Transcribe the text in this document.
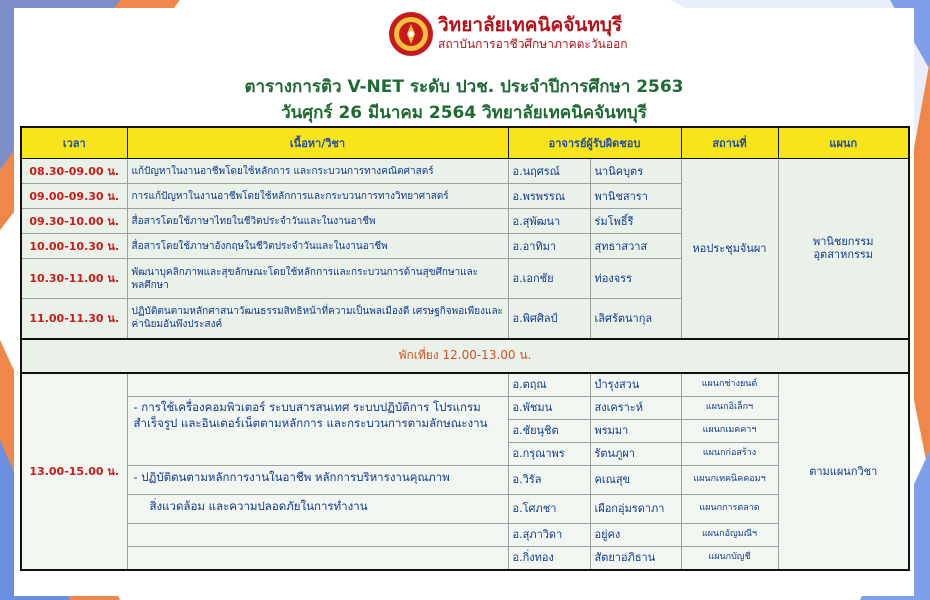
วิทยาลัยเทคนิคจันทบุรี
สถาบันการอาชีวศึกษาภาคตะวันออก
ตารางการติว V-NET ระดับ ปวช. ประจำปีการศึกษา 2563
วันศุกร์ 26 มีนาคม 2564 วิทยาลัยเทคนิคจันทบุรี
เวลา	เนื้อหา/วิชา	อาจารย์ผู้รับผิดชอบ		สถานที่	แผนก
08.30-09.00 น.	แก้ปัญหาในงานอาชีพโดยใช้หลักการ และกระบวนการทางคณิตศาสตร์	อ.นฤศรณ์	นานิคบุตร	หอประชุมจันผา	พานิชยกรรม
อุตสาหกรรม

09.00-09.30 น.	การแก้ปัญหาในงานอาชีพโดยใช้หลักการและกระบวนการทางวิทยาศาสตร์	อ.พรพรรณ	พานิชสารา		
09.30-10.00 น.	สื่อสารโดยใช้ภาษาไทยในชีวิตประจำวันและในงานอาชีพ	อ.สุพัฒนา	ร่มโพธิ์รี		
10.00-10.30 น.	สื่อสารโดยใช้ภาษาอังกฤษในชีวิตประจำวันและในงานอาชีพ	อ.อาทิมา	สุทธาสวาส		
10.30-11.00 น.	พัฒนาบุคลิกภาพและสุขลักษณะโดยใช้หลักการและกระบวนการด้านสุขศึกษาและพลศึกษา	อ.เอกชัย	ท่องจรร		
11.00-11.30 น.	ปฏิบัติตนตามหลักศาสนาวัฒนธรรมสิทธิหน้าที่ความเป็นพลเมืองดี เศรษฐกิจพอเพียงและค่านิยมอันพึงประสงค์	อ.พิศศิลป์	เลิศรัตนากุล		
พักเที่ยง 12.00-13.00 น.					
13.00-15.00 น.		อ.ตฤณ	บำรุงสวน	แผนกช่างยนต์	ตามแผนกวิชา
	- การใช้เครื่องคอมพิวเตอร์ ระบบสารสนเทศ ระบบปฏิบัติการ โปรแกรมสำเร็จรูป และอินเตอร์เน็ตตามหลักการ และกระบวนการตามลักษณะงาน	อ.พัชมน	สงเคราะห์	แผนกอิเล็กฯ	
		อ.ชัยนุชิต	พรมมา	แผนกเมคคาฯ	
		อ.กรุณาพร	รัตนภูผา	แผนกก่อสร้าง	
	- ปฏิบัติตนตามหลักการงานในอาชีพ หลักการบริหารงานคุณภาพ	อ.วิรัล	คเณสุข	แผนกเทคนิคคอมฯ	
	สิ่งแวดล้อม และความปลอดภัยในการทำงาน	อ.โศภชา	เผือกอุ่มรดาภา	แผนกการตลาด	
		อ.สุภาวิดา	อยู่คง	แผนกอัญมณีฯ	
		อ.กิ่งทอง	สัตยาอภิธาน	แผนกบัญชี	
